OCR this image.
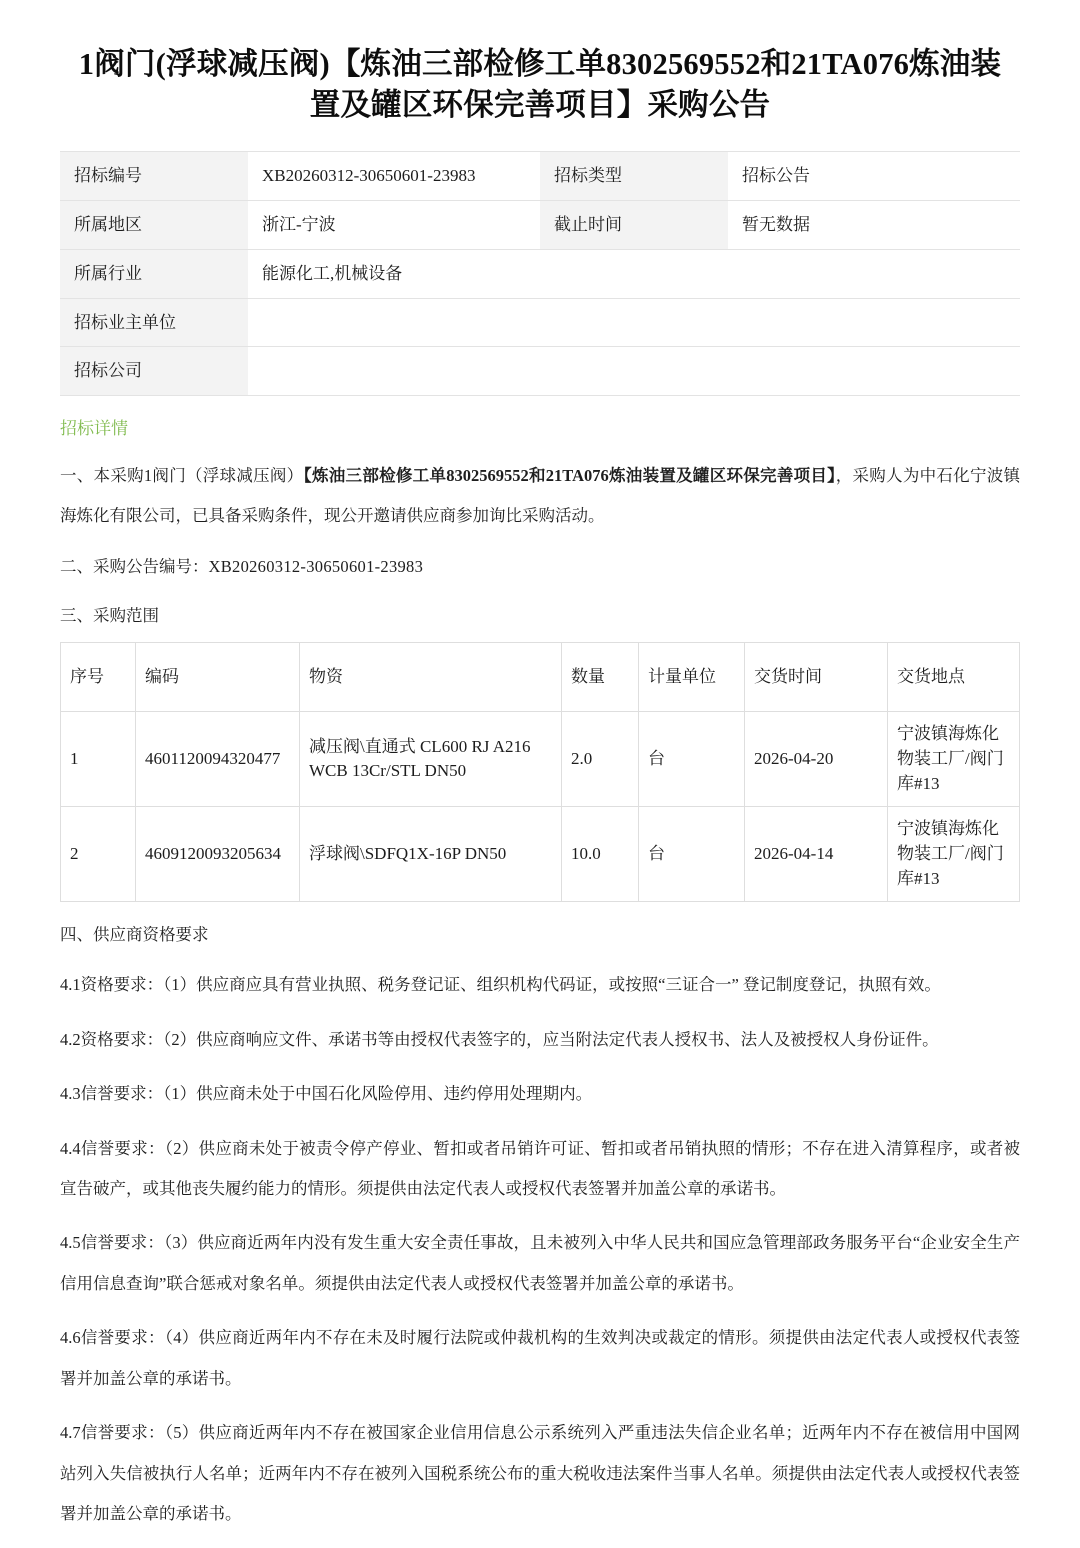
1阀门(浮球减压阀)【炼油三部检修工单8302569552和21TA076炼油装置及罐区环保完善项目】采购公告
招标编号	XB20260312-30650601-23983	招标类型	招标公告
所属地区	浙江-宁波	截止时间	暂无数据
所属行业	能源化工,机械设备		
招标业主单位			
招标公司			
招标详情

一、本采购1阀门（浮球减压阀）【炼油三部检修工单8302569552和21TA076炼油装置及罐区环保完善项目】，采购人为中石化宁波镇海炼化有限公司，已具备采购条件，现公开邀请供应商参加询比采购活动。

二、采购公告编号：XB20260312-30650601-23983

三、采购范围

序号	编码	物资	数量	计量单位	交货时间	交货地点
1	4601120094320477	减压阀\直通式 CL600 RJ A216 WCB 13Cr/STL DN50	2.0	台	2026-04-20	宁波镇海炼化物装工厂/阀门库#13
2	4609120093205634	浮球阀\SDFQ1X-16P DN50	10.0	台	2026-04-14	宁波镇海炼化物装工厂/阀门库#13

四、供应商资格要求

4.1资格要求：（1）供应商应具有营业执照、税务登记证、组织机构代码证，或按照“三证合一” 登记制度登记，执照有效。

4.2资格要求：（2）供应商响应文件、承诺书等由授权代表签字的，应当附法定代表人授权书、法人及被授权人身份证件。

4.3信誉要求：（1）供应商未处于中国石化风险停用、违约停用处理期内。

4.4信誉要求：（2）供应商未处于被责令停产停业、暂扣或者吊销许可证、暂扣或者吊销执照的情形；不存在进入清算程序，或者被宣告破产，或其他丧失履约能力的情形。须提供由法定代表人或授权代表签署并加盖公章的承诺书。

4.5信誉要求：（3）供应商近两年内没有发生重大安全责任事故，且未被列入中华人民共和国应急管理部政务服务平台“企业安全生产信用信息查询”联合惩戒对象名单。须提供由法定代表人或授权代表签署并加盖公章的承诺书。

4.6信誉要求：（4）供应商近两年内不存在未及时履行法院或仲裁机构的生效判决或裁定的情形。须提供由法定代表人或授权代表签署并加盖公章的承诺书。

4.7信誉要求：（5）供应商近两年内不存在被国家企业信用信息公示系统列入严重违法失信企业名单；近两年内不存在被信用中国网站列入失信被执行人名单；近两年内不存在被列入国税系统公布的重大税收违法案件当事人名单。须提供由法定代表人或授权代表签署并加盖公章的承诺书。
